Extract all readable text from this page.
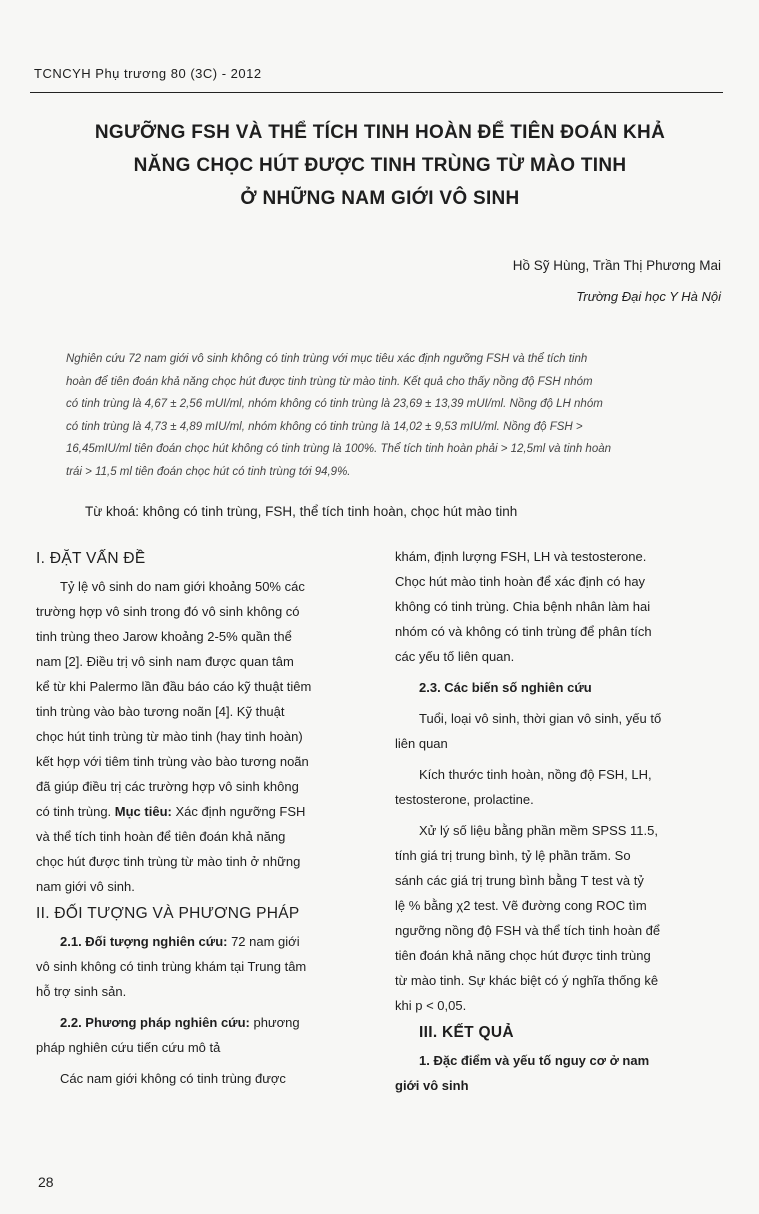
TCNCYH Phụ trương 80 (3C) - 2012
NGƯỠNG FSH VÀ THỂ TÍCH TINH HOÀN ĐỂ TIÊN ĐOÁN KHẢ
NĂNG CHỌC HÚT ĐƯỢC TINH TRÙNG TỪ MÀO TINH
Ở NHỮNG NAM GIỚI VÔ SINH
Hồ Sỹ Hùng, Trần Thị Phương Mai
Trường Đại học Y Hà Nội
Nghiên cứu 72 nam giới vô sinh không có tinh trùng với mục tiêu xác định ngưỡng FSH và thể tích tinh
hoàn để tiên đoán khả năng chọc hút được tinh trùng từ mào tinh. Kết quả cho thấy nồng độ FSH nhóm
có tinh trùng là 4,67 ± 2,56 mUI/ml, nhóm không có tinh trùng là 23,69 ± 13,39 mUI/ml. Nồng độ LH nhóm
có tinh trùng là 4,73 ± 4,89 mIU/ml, nhóm không có tinh trùng là 14,02 ± 9,53 mIU/ml. Nồng độ FSH >
16,45mIU/ml tiên đoán chọc hút không có tinh trùng là 100%. Thể tích tinh hoàn phải > 12,5ml và tinh hoàn
trái > 11,5 ml tiên đoán chọc hút có tinh trùng tới 94,9%.
Từ khoá: không có tinh trùng, FSH, thể tích tinh hoàn, chọc hút mào tinh
I. ĐẶT VẤN ĐỀ
Tỷ lệ vô sinh do nam giới khoảng 50% các
trường hợp vô sinh trong đó vô sinh không có
tinh trùng theo Jarow khoảng 2-5% quần thể
nam [2]. Điều trị vô sinh nam được quan tâm
kể từ khi Palermo lần đầu báo cáo kỹ thuật tiêm
tinh trùng vào bào tương noãn [4]. Kỹ thuật
chọc hút tinh trùng từ mào tinh (hay tinh hoàn)
kết hợp với tiêm tinh trùng vào bào tương noãn
đã giúp điều trị các trường hợp vô sinh không
có tinh trùng. Mục tiêu: Xác định ngưỡng FSH
và thể tích tinh hoàn để tiên đoán khả năng
chọc hút được tinh trùng từ mào tinh ở những
nam giới vô sinh.
II. ĐỐI TƯỢNG VÀ PHƯƠNG PHÁP
2.1. Đối tượng nghiên cứu: 72 nam giới
vô sinh không có tinh trùng khám tại Trung tâm
hỗ trợ sinh sản.
2.2. Phương pháp nghiên cứu: phương
pháp nghiên cứu tiến cứu mô tả
Các nam giới không có tinh trùng được
khám, định lượng FSH, LH và testosterone.
Chọc hút mào tinh hoàn để xác định có hay
không có tinh trùng. Chia bệnh nhân làm hai
nhóm có và không có tinh trùng để phân tích
các yếu tố liên quan.
2.3. Các biến số nghiên cứu
Tuổi, loại vô sinh, thời gian vô sinh, yếu tố
liên quan
Kích thước tinh hoàn, nồng độ FSH, LH,
testosterone, prolactine.
Xử lý số liệu bằng phần mềm SPSS 11.5,
tính giá trị trung bình, tỷ lệ phần trăm. So
sánh các giá trị trung bình bằng T test và tỷ
lệ % bằng χ2 test. Vẽ đường cong ROC tìm
ngưỡng nồng độ FSH và thể tích tinh hoàn để
tiên đoán khả năng chọc hút được tinh trùng
từ mào tinh. Sự khác biệt có ý nghĩa thống kê
khi p < 0,05.
III. KẾT QUẢ
1. Đặc điểm và yếu tố nguy cơ ở nam
giới vô sinh
28
